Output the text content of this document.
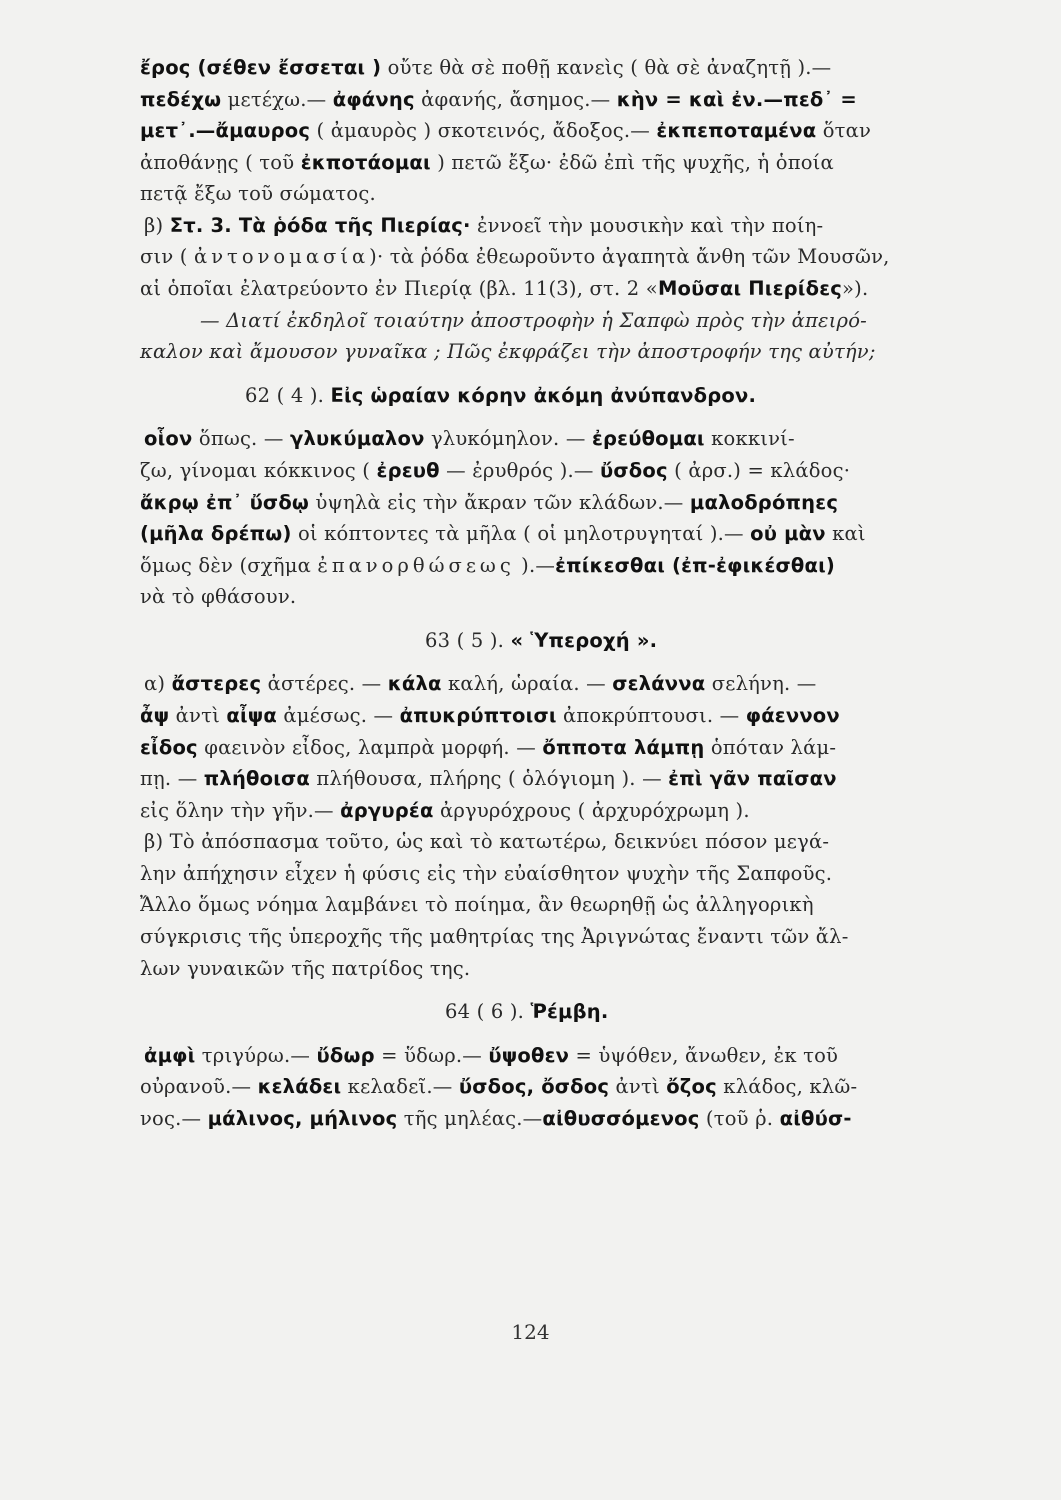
ἔρος (σέθεν ἔσσεται ) οὔτε θὰ σὲ ποθῇ κανεὶς ( θὰ σὲ ἀναζητῇ ).—
πεδέχω μετέχω.— ἀφάνης ἀφανής, ἄσημος.— κὴν = καὶ ἐν.—πεδ᾽ =
μετ᾽.—ἄμαυρος ( ἀμαυρὸς ) σκοτεινός, ἄδοξος.— ἐκπεποταμένα ὅταν
ἀποθάνῃς ( τοῦ ἐκποτάομαι ) πετῶ ἔξω· ἐδῶ ἐπὶ τῆς ψυχῆς, ἡ ὁποία
πετᾷ ἔξω τοῦ σώματος.
β) Στ. 3. Τὰ ῥόδα τῆς Πιερίας· ἐννοεῖ τὴν μουσικὴν καὶ τὴν ποίη-
σιν ( ἀντονομασία)· τὰ ῥόδα ἐθεωροῦντο ἀγαπητὰ ἄνθη τῶν Μουσῶν,
αἱ ὁποῖαι ἐλατρεύοντο ἐν Πιερίᾳ (βλ. 11(3), στ. 2 «Μοῦσαι Πιερίδες»).
— Διατί ἐκδηλοῖ τοιαύτην ἀποστροφὴν ἡ Σαπφὼ πρὸς τὴν ἀπειρό-
καλον καὶ ἄμουσον γυναῖκα ; Πῶς ἐκφράζει τὴν ἀποστροφήν της αὐτήν;
62 ( 4 ). Εἰς ὡραίαν κόρην ἀκόμη ἀνύπανδρον.
οἷον ὅπως. — γλυκύμαλον γλυκόμηλον. — ἐρεύθομαι κοκκινί-
ζω, γίνομαι κόκκινος ( ἐρευθ — ἐρυθρός ).— ὔσδος ( ἀρσ.) = κλάδος·
ἄκρῳ ἐπ᾽ ὔσδῳ ὑψηλὰ εἰς τὴν ἄκραν τῶν κλάδων.— μαλοδρόπηες
(μῆλα δρέπω) οἱ κόπτοντες τὰ μῆλα ( οἱ μηλοτρυγηταί ).— οὐ μὰν καὶ
ὅμως δὲν (σχῆμα ἐπανορθώσεως ).—ἐπίκεσθαι (ἐπ-ἐφικέσθαι)
νὰ τὸ φθάσουν.
63 ( 5 ). « Ὑπεροχή ».
α) ἄστερες ἀστέρες. — κάλα καλή, ὡραία. — σελάννα σελήνη. —
ἆψ ἀντὶ αἶψα ἀμέσως. — ἀπυκρύπτοισι ἀποκρύπτουσι. — φάεννον
εἶδος φαεινὸν εἶδος, λαμπρὰ μορφή. — ὄπποτα λάμπῃ ὁπόταν λάμ-
πῃ. — πλήθοισα πλήθουσα, πλήρης ( ὁλόγιομη ). — ἐπὶ γᾶν παῖσαν
εἰς ὅλην τὴν γῆν.— ἀργυρέα ἀργυρόχρους ( ἀρχυρόχρωμη ).
β) Τὸ ἀπόσπασμα τοῦτο, ὡς καὶ τὸ κατωτέρω, δεικνύει πόσον μεγά-
λην ἀπήχησιν εἶχεν ἡ φύσις εἰς τὴν εὐαίσθητον ψυχὴν τῆς Σαπφοῦς.
Ἄλλο ὅμως νόημα λαμβάνει τὸ ποίημα, ἂν θεωρηθῇ ὡς ἀλληγορικὴ
σύγκρισις τῆς ὑπεροχῆς τῆς μαθητρίας της Ἀριγνώτας ἔναντι τῶν ἄλ-
λων γυναικῶν τῆς πατρίδος της.
64 ( 6 ). Ῥέμβη.
ἀμφὶ τριγύρω.— ὔδωρ = ὕδωρ.— ὔψοθεν = ὑψόθεν, ἄνωθεν, ἐκ τοῦ
οὐρανοῦ.— κελάδει κελαδεῖ.— ὔσδος, ὄσδος ἀντὶ ὄζος κλάδος, κλῶ-
νος.— μάλινος, μήλινος τῆς μηλέας.—αἰθυσσόμενος (τοῦ ῥ. αἰθύσ-
124
